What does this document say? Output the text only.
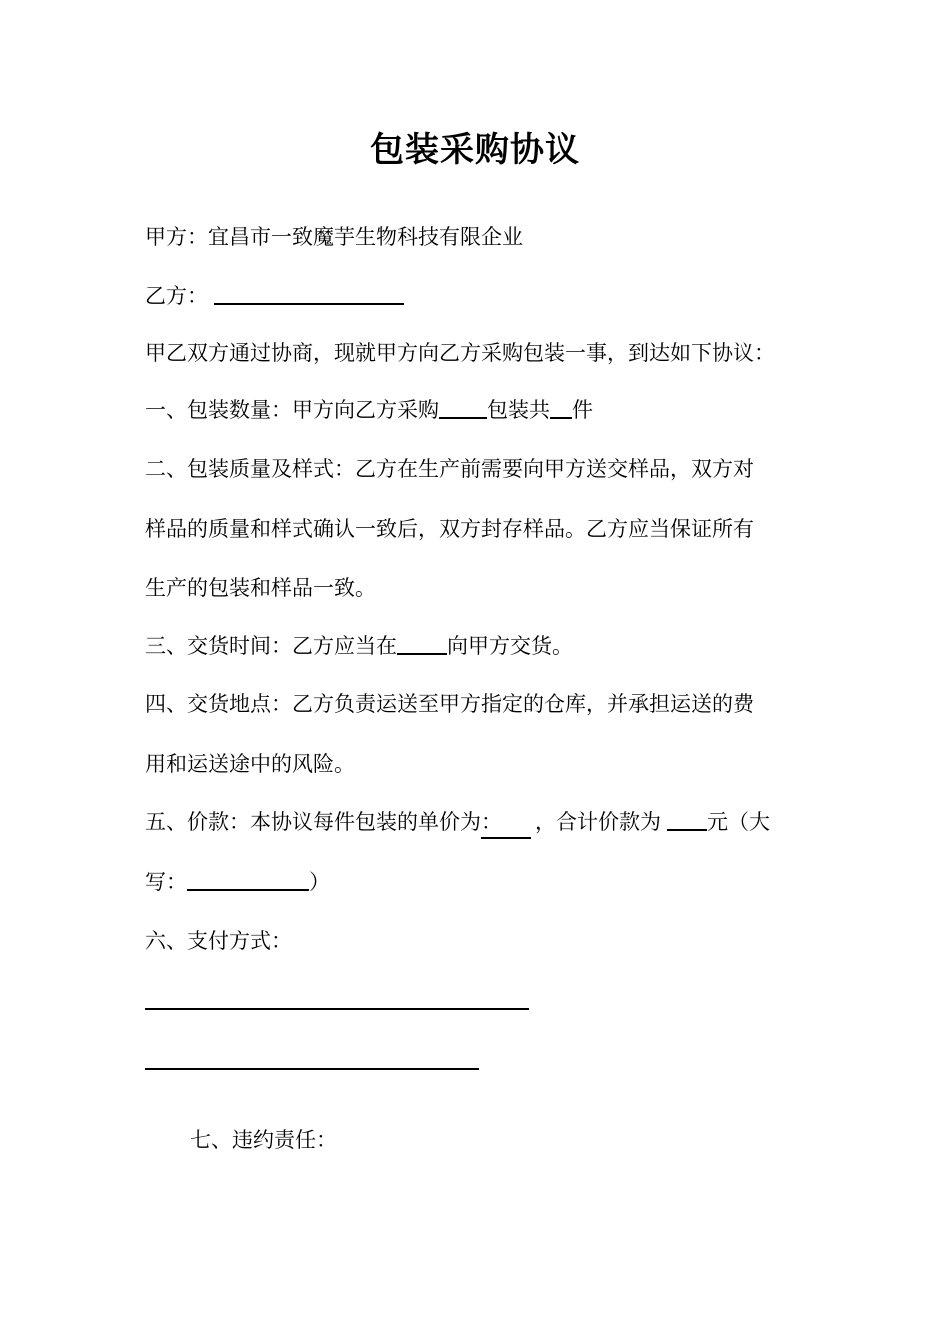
包装采购协议
甲方：宜昌市一致魔芋生物科技有限企业
乙方：
甲乙双方通过协商，现就甲方向乙方采购包装一事，到达如下协议：
一、包装数量：甲方向乙方采购 包装共 件
二、包装质量及样式：乙方在生产前需要向甲方送交样品，双方对
样品的质量和样式确认一致后，双方封存样品。乙方应当保证所有
生产的包装和样品一致。
三、交货时间：乙方应当在 向甲方交货。
四、交货地点：乙方负责运送至甲方指定的仓库，并承担运送的费
用和运送途中的风险。
五、价款：本协议每件包装的单价为： ，合计价款为 元（大
写：	）
六、支付方式：
七、违约责任：
